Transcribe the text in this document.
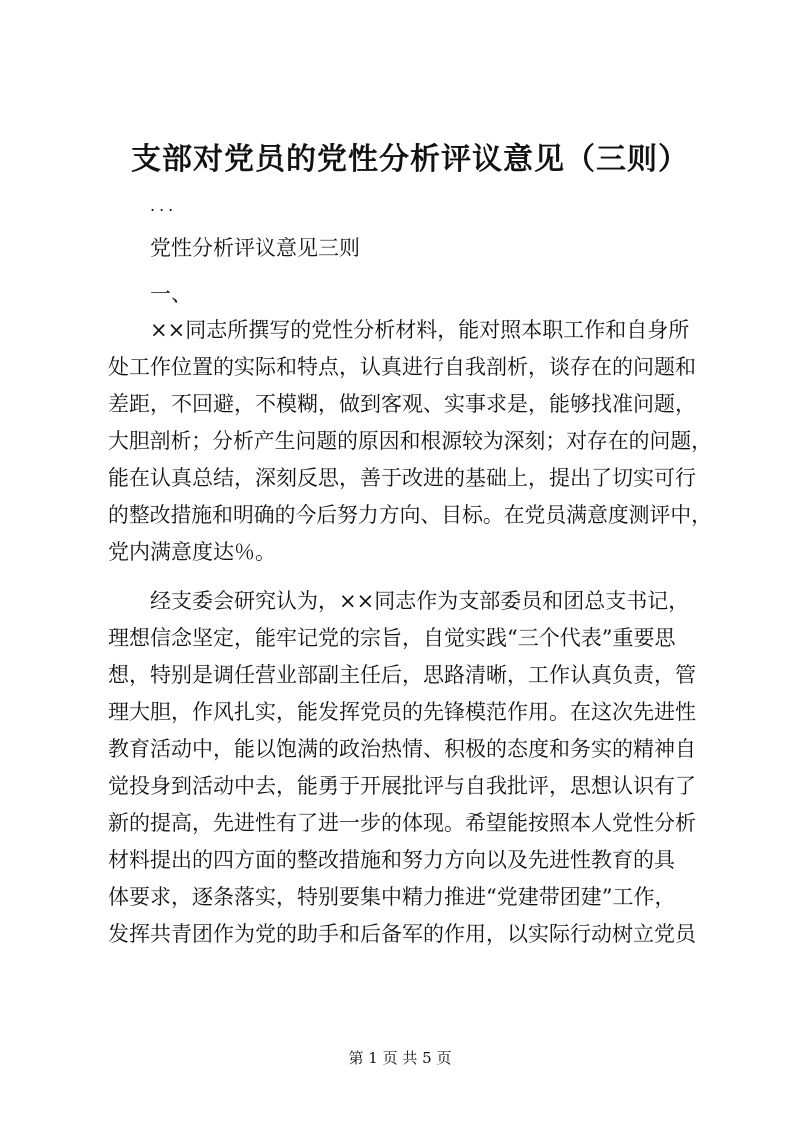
支部对党员的党性分析评议意见（三则）
...
党性分析评议意见三则
一、
××同志所撰写的党性分析材料，能对照本职工作和自身所
处工作位置的实际和特点，认真进行自我剖析，谈存在的问题和
差距，不回避，不模糊，做到客观、实事求是，能够找准问题，
大胆剖析；分析产生问题的原因和根源较为深刻；对存在的问题，
能在认真总结，深刻反思，善于改进的基础上，提出了切实可行
的整改措施和明确的今后努力方向、目标。在党员满意度测评中，
党内满意度达％。
经支委会研究认为，××同志作为支部委员和团总支书记，
理想信念坚定，能牢记党的宗旨，自觉实践“三个代表”重要思
想，特别是调任营业部副主任后，思路清晰，工作认真负责，管
理大胆，作风扎实，能发挥党员的先锋模范作用。在这次先进性
教育活动中，能以饱满的政治热情、积极的态度和务实的精神自
觉投身到活动中去，能勇于开展批评与自我批评，思想认识有了
新的提高，先进性有了进一步的体现。希望能按照本人党性分析
材料提出的四方面的整改措施和努力方向以及先进性教育的具
体要求，逐条落实，特别要集中精力推进“党建带团建”工作，
发挥共青团作为党的助手和后备军的作用，以实际行动树立党员
第 1 页 共 5 页
